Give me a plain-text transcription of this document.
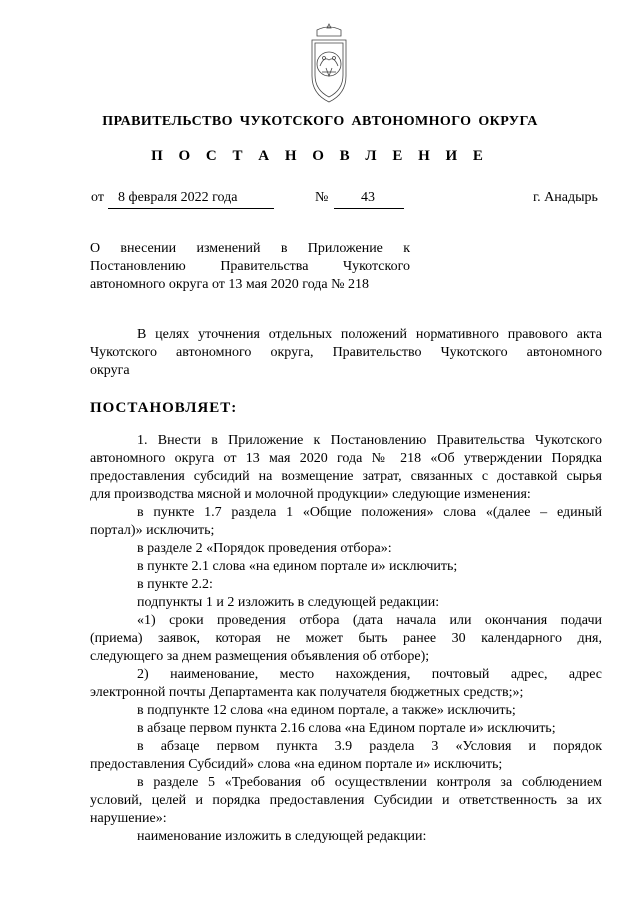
ПРАВИТЕЛЬСТВО ЧУКОТСКОГО АВТОНОМНОГО ОКРУГА
П О С Т А Н О В Л Е Н И Е
от	8 февраля 2022 года	№	43	г. Анадырь
О внесении изменений в Приложение к
Постановлению Правительства Чукотского
автономного округа от 13 мая 2020 года № 218
В целях уточнения отдельных положений нормативного правового акта
Чукотского автономного округа, Правительство Чукотского автономного
округа
ПОСТАНОВЛЯЕТ:
1. Внести в Приложение к Постановлению Правительства Чукотского
автономного округа от 13 мая 2020 года № 218 «Об утверждении Порядка
предоставления субсидий на возмещение затрат, связанных с доставкой сырья
для производства мясной и молочной продукции» следующие изменения:
в пункте 1.7 раздела 1 «Общие положения» слова «(далее – единый
портал)» исключить;
в разделе 2 «Порядок проведения отбора»:
в пункте 2.1 слова «на едином портале и» исключить;
в пункте 2.2:
подпункты 1 и 2 изложить в следующей редакции:
«1) сроки проведения отбора (дата начала или окончания подачи
(приема) заявок, которая не может быть ранее 30 календарного дня,
следующего за днем размещения объявления об отборе);
2) наименование, место нахождения, почтовый адрес, адрес
электронной почты Департамента как получателя бюджетных средств;»;
в подпункте 12 слова «на едином портале, а также» исключить;
в абзаце первом пункта 2.16 слова «на Едином портале и» исключить;
в абзаце первом пункта 3.9 раздела 3 «Условия и порядок
предоставления Субсидий» слова «на едином портале и» исключить;
в разделе 5 «Требования об осуществлении контроля за соблюдением
условий, целей и порядка предоставления Субсидии и ответственность за их
нарушение»:
наименование изложить в следующей редакции:
